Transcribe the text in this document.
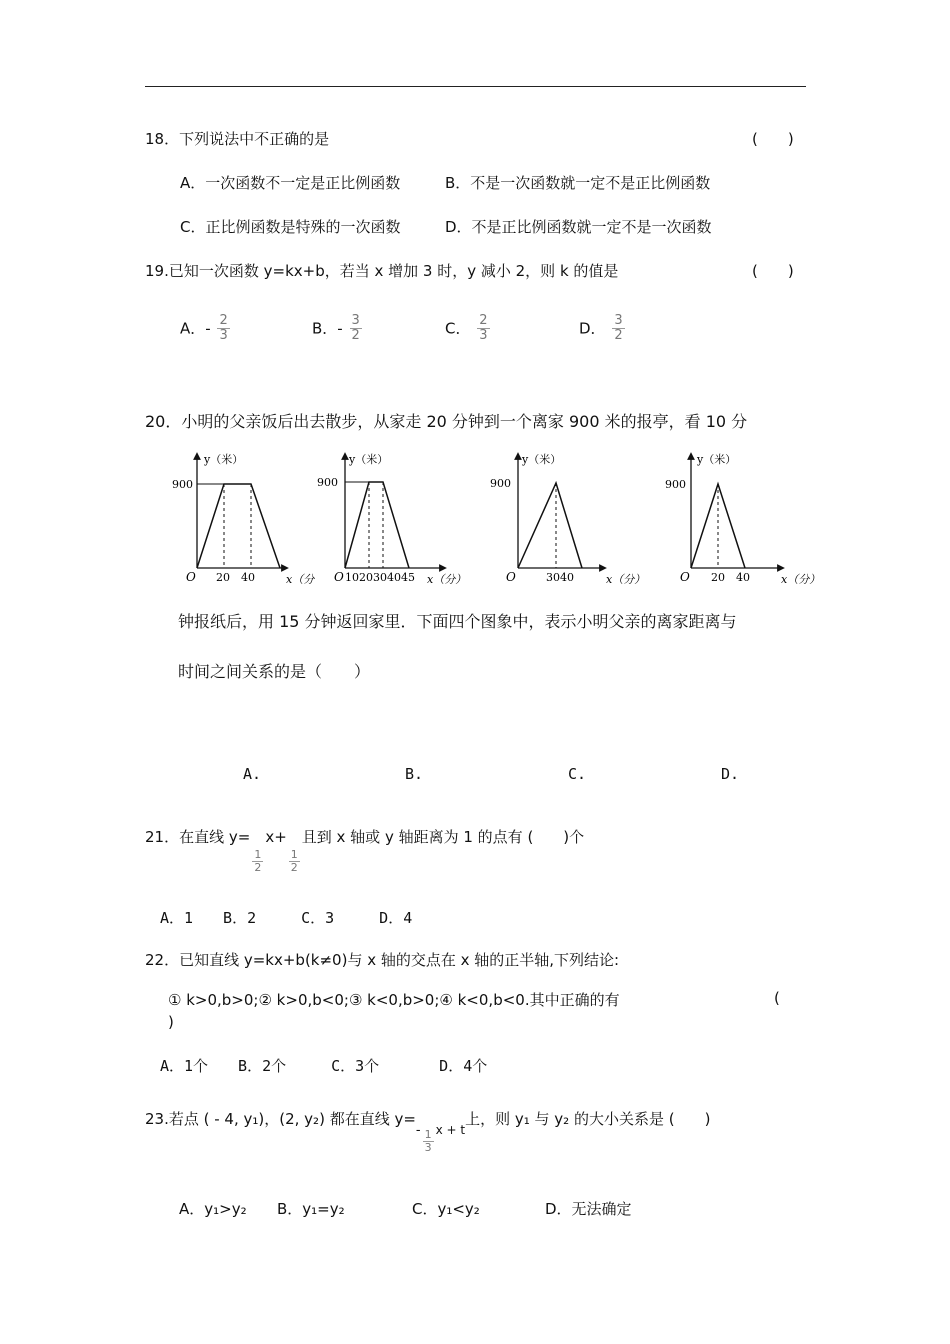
18．下列说法中不正确的是	(　　)
A．一次函数不一定是正比例函数	B．不是一次函数就一定不是正比例函数
C．正比例函数是特殊的一次函数	D．不是正比例函数就一定不是一次函数
19.已知一次函数 y=kx+b，若当 x 增加 3 时，y 减小 2，则 k 的值是	(　　)
A．- $\frac{2}{3}$	B．- $\frac{3}{2}$	C． $\frac{2}{3}$	D． $\frac{3}{2}$
20．小明的父亲饭后出去散步，从家走 20 分钟到一个离家 900 米的报亭，看 10 分
y（米）
900
O 20　40	x（分
y（米）
900
O 1020304045 x（分）
y（米）
900
O	3040	x（分）
y（米）
900
O 20　40	x（分）
钟报纸后，用 15 分钟返回家里．下面四个图象中，表示小明父亲的离家距离与
时间之间关系的是（　　）
A.	B.	C.	D.
21．在直线 y=
$\frac{1}{2}$
x+
$\frac{1}{2}$
且到 x 轴或 y 轴距离为 1 的点有 (　　)个
A．1　　B．2　　　C．3　　　D．4
22．已知直线 y=kx+b(k≠0)与 x 轴的交点在 x 轴的正半轴,下列结论:
① k>0,b>0;② k>0,b<0;③ k<0,b>0;④ k<0,b<0.其中正确的有	(
)
A．1个　　B．2个　　　C．3个　　　　D．4个
23.若点 ( - 4, y₁)，(2, y₂) 都在直线 $y=- \frac{1}{3} _{x + t}$上，则 y₁ 与 y₂ 的大小关系是 (　　)
A．y₁>y₂ B．y₁=y₂	C．y₁<y₂	D．无法确定
